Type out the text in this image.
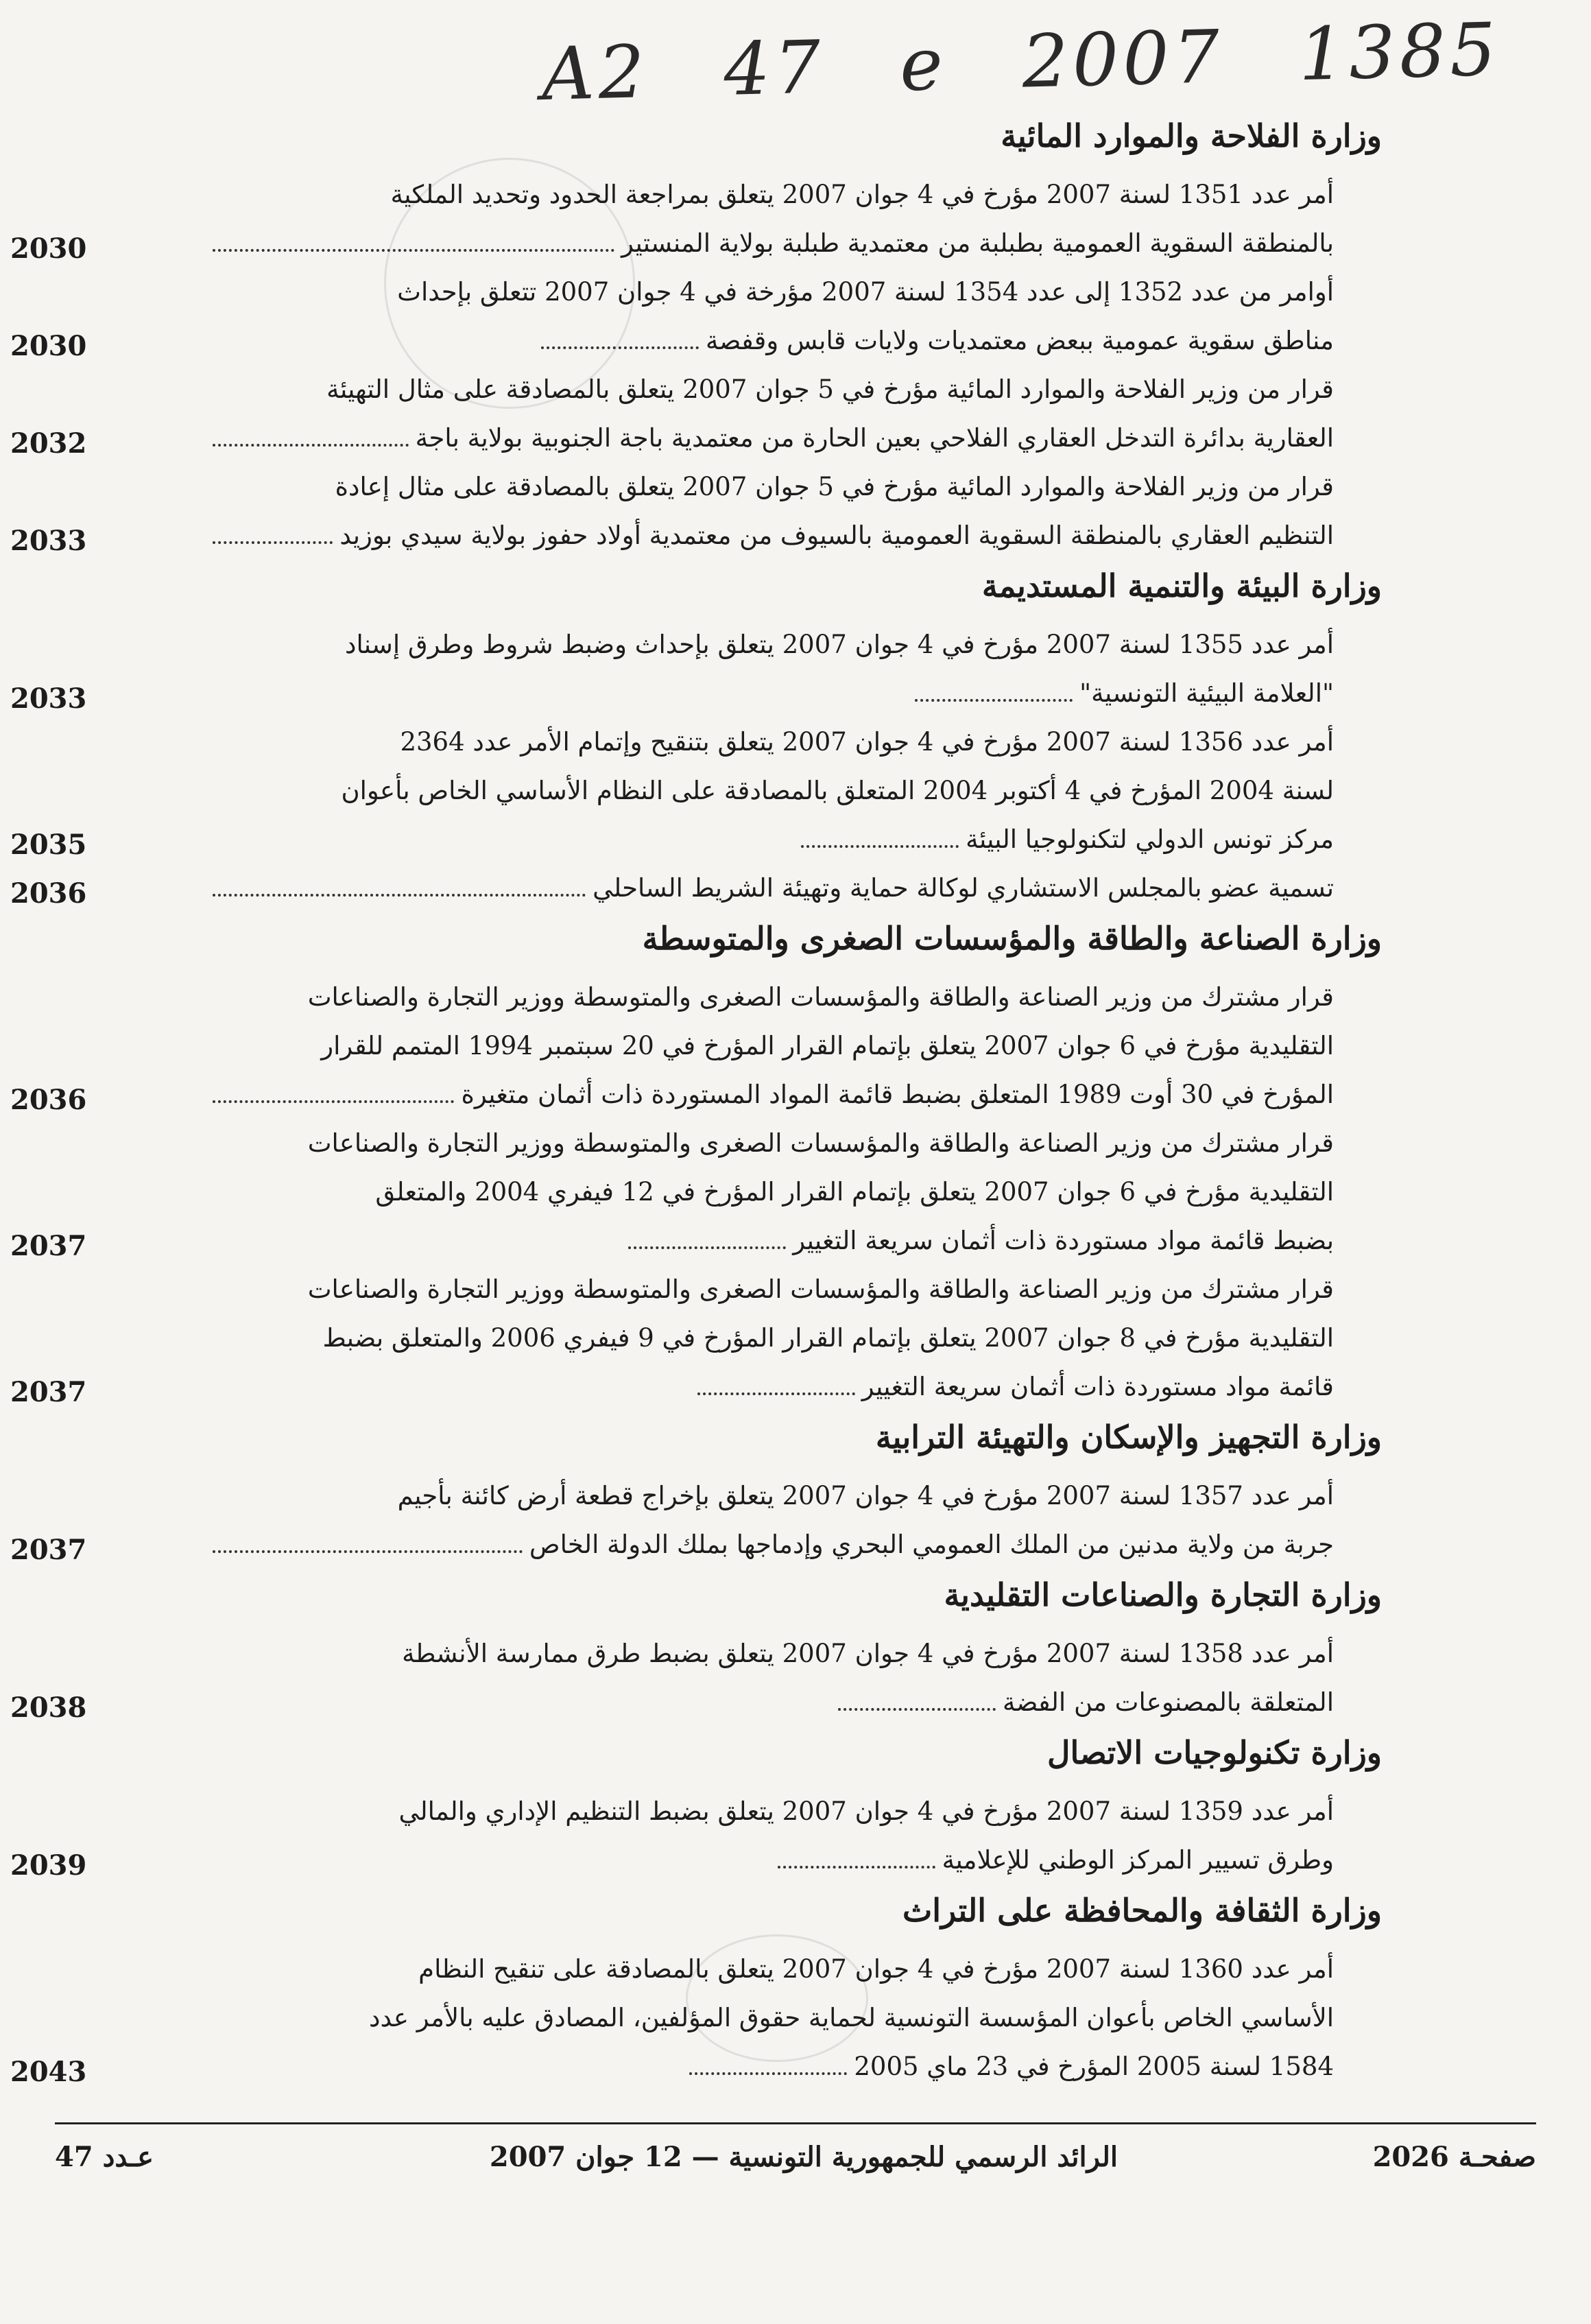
A2 47 e 2007 1385
وزارة الفلاحة والموارد المائية
أمر عدد 1351 لسنة 2007 مؤرخ في 4 جوان 2007 يتعلق بمراجعة الحدود وتحديد الملكية
بالمنطقة السقوية العمومية بطبلبة من معتمدية طبلبة بولاية المنستير
2030
أوامر من عدد 1352 إلى عدد 1354 لسنة 2007 مؤرخة في 4 جوان 2007 تتعلق بإحداث
مناطق سقوية عمومية ببعض معتمديات ولايات قابس وقفصة
2030
قرار من وزير الفلاحة والموارد المائية مؤرخ في 5 جوان 2007 يتعلق بالمصادقة على مثال التهيئة
العقارية بدائرة التدخل العقاري الفلاحي بعين الحارة من معتمدية باجة الجنوبية بولاية باجة
2032
قرار من وزير الفلاحة والموارد المائية مؤرخ في 5 جوان 2007 يتعلق بالمصادقة على مثال إعادة
التنظيم العقاري بالمنطقة السقوية العمومية بالسيوف من معتمدية أولاد حفوز بولاية سيدي بوزيد
2033
وزارة البيئة والتنمية المستديمة
أمر عدد 1355 لسنة 2007 مؤرخ في 4 جوان 2007 يتعلق بإحداث وضبط شروط وطرق إسناد
"العلامة البيئية التونسية"
2033
أمر عدد 1356 لسنة 2007 مؤرخ في 4 جوان 2007 يتعلق بتنقيح وإتمام الأمر عدد 2364
لسنة 2004 المؤرخ في 4 أكتوبر 2004 المتعلق بالمصادقة على النظام الأساسي الخاص بأعوان
مركز تونس الدولي لتكنولوجيا البيئة
2035
تسمية عضو بالمجلس الاستشاري لوكالة حماية وتهيئة الشريط الساحلي
2036
وزارة الصناعة والطاقة والمؤسسات الصغرى والمتوسطة
قرار مشترك من وزير الصناعة والطاقة والمؤسسات الصغرى والمتوسطة ووزير التجارة والصناعات
التقليدية مؤرخ في 6 جوان 2007 يتعلق بإتمام القرار المؤرخ في 20 سبتمبر 1994 المتمم للقرار
المؤرخ في 30 أوت 1989 المتعلق بضبط قائمة المواد المستوردة ذات أثمان متغيرة
2036
قرار مشترك من وزير الصناعة والطاقة والمؤسسات الصغرى والمتوسطة ووزير التجارة والصناعات
التقليدية مؤرخ في 6 جوان 2007 يتعلق بإتمام القرار المؤرخ في 12 فيفري 2004 والمتعلق
بضبط قائمة مواد مستوردة ذات أثمان سريعة التغيير
2037
قرار مشترك من وزير الصناعة والطاقة والمؤسسات الصغرى والمتوسطة ووزير التجارة والصناعات
التقليدية مؤرخ في 8 جوان 2007 يتعلق بإتمام القرار المؤرخ في 9 فيفري 2006 والمتعلق بضبط
قائمة مواد مستوردة ذات أثمان سريعة التغيير
2037
وزارة التجهيز والإسكان والتهيئة الترابية
أمر عدد 1357 لسنة 2007 مؤرخ في 4 جوان 2007 يتعلق بإخراج قطعة أرض كائنة بأجيم
جربة من ولاية مدنين من الملك العمومي البحري وإدماجها بملك الدولة الخاص
2037
وزارة التجارة والصناعات التقليدية
أمر عدد 1358 لسنة 2007 مؤرخ في 4 جوان 2007 يتعلق بضبط طرق ممارسة الأنشطة
المتعلقة بالمصنوعات من الفضة
2038
وزارة تكنولوجيات الاتصال
أمر عدد 1359 لسنة 2007 مؤرخ في 4 جوان 2007 يتعلق بضبط التنظيم الإداري والمالي
وطرق تسيير المركز الوطني للإعلامية
2039
وزارة الثقافة والمحافظة على التراث
أمر عدد 1360 لسنة 2007 مؤرخ في 4 جوان 2007 يتعلق بالمصادقة على تنقيح النظام
الأساسي الخاص بأعوان المؤسسة التونسية لحماية حقوق المؤلفين، المصادق عليه بالأمر عدد
1584 لسنة 2005 المؤرخ في 23 ماي 2005
2043
صفحـة 2026
الرائد الرسمي للجمهورية التونسية — 12 جوان 2007
عـدد 47
